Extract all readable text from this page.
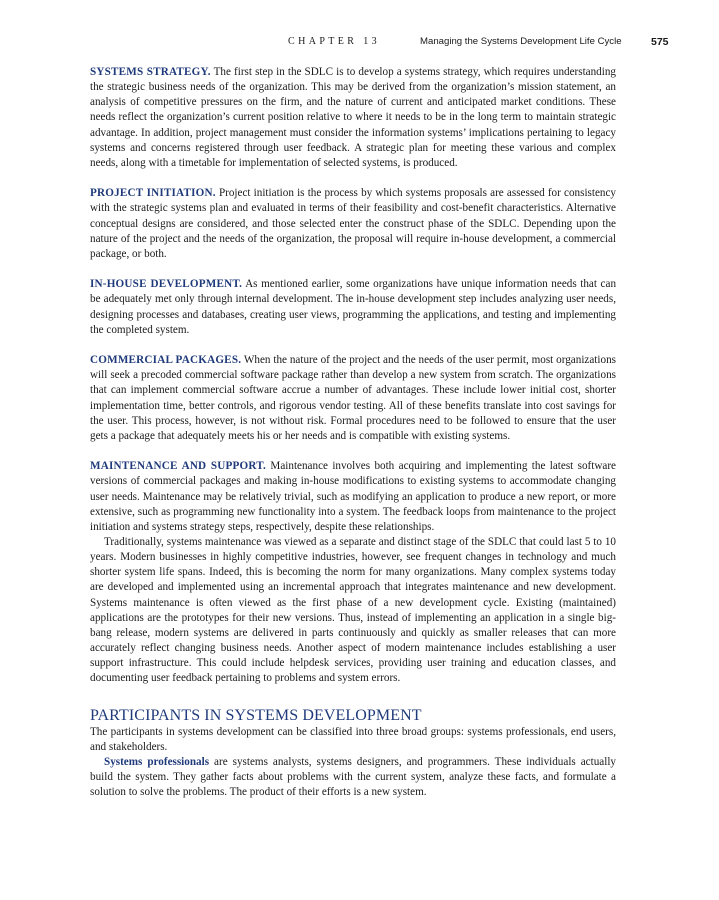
CHAPTER 13	Managing the Systems Development Life Cycle	575

SYSTEMS STRATEGY. The first step in the SDLC is to develop a systems strategy, which requires understanding the strategic business needs of the organization. This may be derived from the organization’s mission statement, an analysis of competitive pressures on the firm, and the nature of current and anticipated market conditions. These needs reflect the organization’s current position relative to where it needs to be in the long term to maintain strategic advantage. In addition, project management must consider the information systems’ implications pertaining to legacy systems and concerns registered through user feedback. A strategic plan for meeting these various and complex needs, along with a timetable for implementation of selected systems, is produced.

PROJECT INITIATION. Project initiation is the process by which systems proposals are assessed for consistency with the strategic systems plan and evaluated in terms of their feasibility and cost-benefit characteristics. Alternative conceptual designs are considered, and those selected enter the construct phase of the SDLC. Depending upon the nature of the project and the needs of the organization, the proposal will require in-house development, a commercial package, or both.

IN-HOUSE DEVELOPMENT. As mentioned earlier, some organizations have unique information needs that can be adequately met only through internal development. The in-house development step includes analyzing user needs, designing processes and databases, creating user views, programming the applications, and testing and implementing the completed system.

COMMERCIAL PACKAGES. When the nature of the project and the needs of the user permit, most organizations will seek a precoded commercial software package rather than develop a new system from scratch. The organizations that can implement commercial software accrue a number of advantages. These include lower initial cost, shorter implementation time, better controls, and rigorous vendor testing. All of these benefits translate into cost savings for the user. This process, however, is not without risk. Formal procedures need to be followed to ensure that the user gets a package that adequately meets his or her needs and is compatible with existing systems.

MAINTENANCE AND SUPPORT. Maintenance involves both acquiring and implementing the latest software versions of commercial packages and making in-house modifications to existing systems to accommodate changing user needs. Maintenance may be relatively trivial, such as modifying an application to produce a new report, or more extensive, such as programming new functionality into a system. The feedback loops from maintenance to the project initiation and systems strategy steps, respectively, despite these relationships.

Traditionally, systems maintenance was viewed as a separate and distinct stage of the SDLC that could last 5 to 10 years. Modern businesses in highly competitive industries, however, see frequent changes in technology and much shorter system life spans. Indeed, this is becoming the norm for many organizations. Many complex systems today are developed and implemented using an incremental approach that integrates maintenance and new development. Systems maintenance is often viewed as the first phase of a new development cycle. Existing (maintained) applications are the prototypes for their new versions. Thus, instead of implementing an application in a single big-bang release, modern systems are delivered in parts continuously and quickly as smaller releases that can more accurately reflect changing business needs. Another aspect of modern maintenance includes establishing a user support infrastructure. This could include helpdesk services, providing user training and education classes, and documenting user feedback pertaining to problems and system errors.

PARTICIPANTS IN SYSTEMS DEVELOPMENT

The participants in systems development can be classified into three broad groups: systems professionals, end users, and stakeholders.

Systems professionals are systems analysts, systems designers, and programmers. These individuals actually build the system. They gather facts about problems with the current system, analyze these facts, and formulate a solution to solve the problems. The product of their efforts is a new system.
